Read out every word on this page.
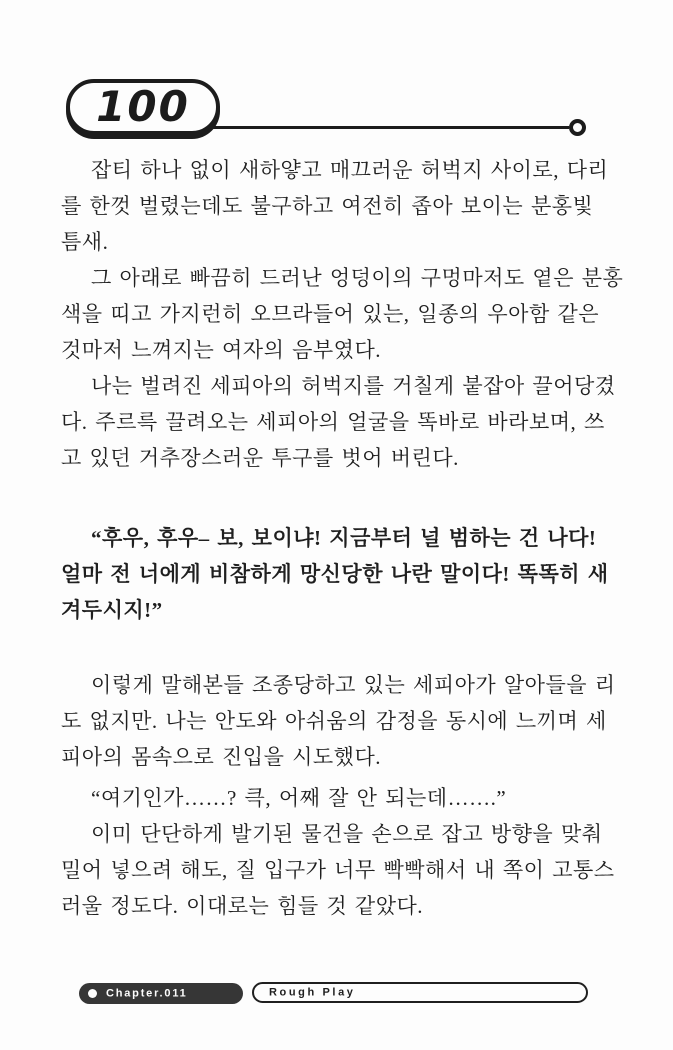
100
잡티 하나 없이 새하얗고 매끄러운 허벅지 사이로, 다리
를 한껏 벌렸는데도 불구하고 여전히 좁아 보이는 분홍빛
틈새.
그 아래로 빠끔히 드러난 엉덩이의 구멍마저도 옅은 분홍
색을 띠고 가지런히 오므라들어 있는, 일종의 우아함 같은
것마저 느껴지는 여자의 음부였다.
나는 벌려진 세피아의 허벅지를 거칠게 붙잡아 끌어당겼
다. 주르륵 끌려오는 세피아의 얼굴을 똑바로 바라보며, 쓰
고 있던 거추장스러운 투구를 벗어 버린다.
“후우, 후우– 보, 보이냐! 지금부터 널 범하는 건 나다!
얼마 전 너에게 비참하게 망신당한 나란 말이다! 똑똑히 새
겨두시지!”
이렇게 말해본들 조종당하고 있는 세피아가 알아들을 리
도 없지만. 나는 안도와 아쉬움의 감정을 동시에 느끼며 세
피아의 몸속으로 진입을 시도했다.
“여기인가……? 큭, 어째 잘 안 되는데…….”
이미 단단하게 발기된 물건을 손으로 잡고 방향을 맞춰
밀어 넣으려 해도, 질 입구가 너무 빡빡해서 내 쪽이 고통스
러울 정도다. 이대로는 힘들 것 같았다.
Chapter.011	Rough Play
